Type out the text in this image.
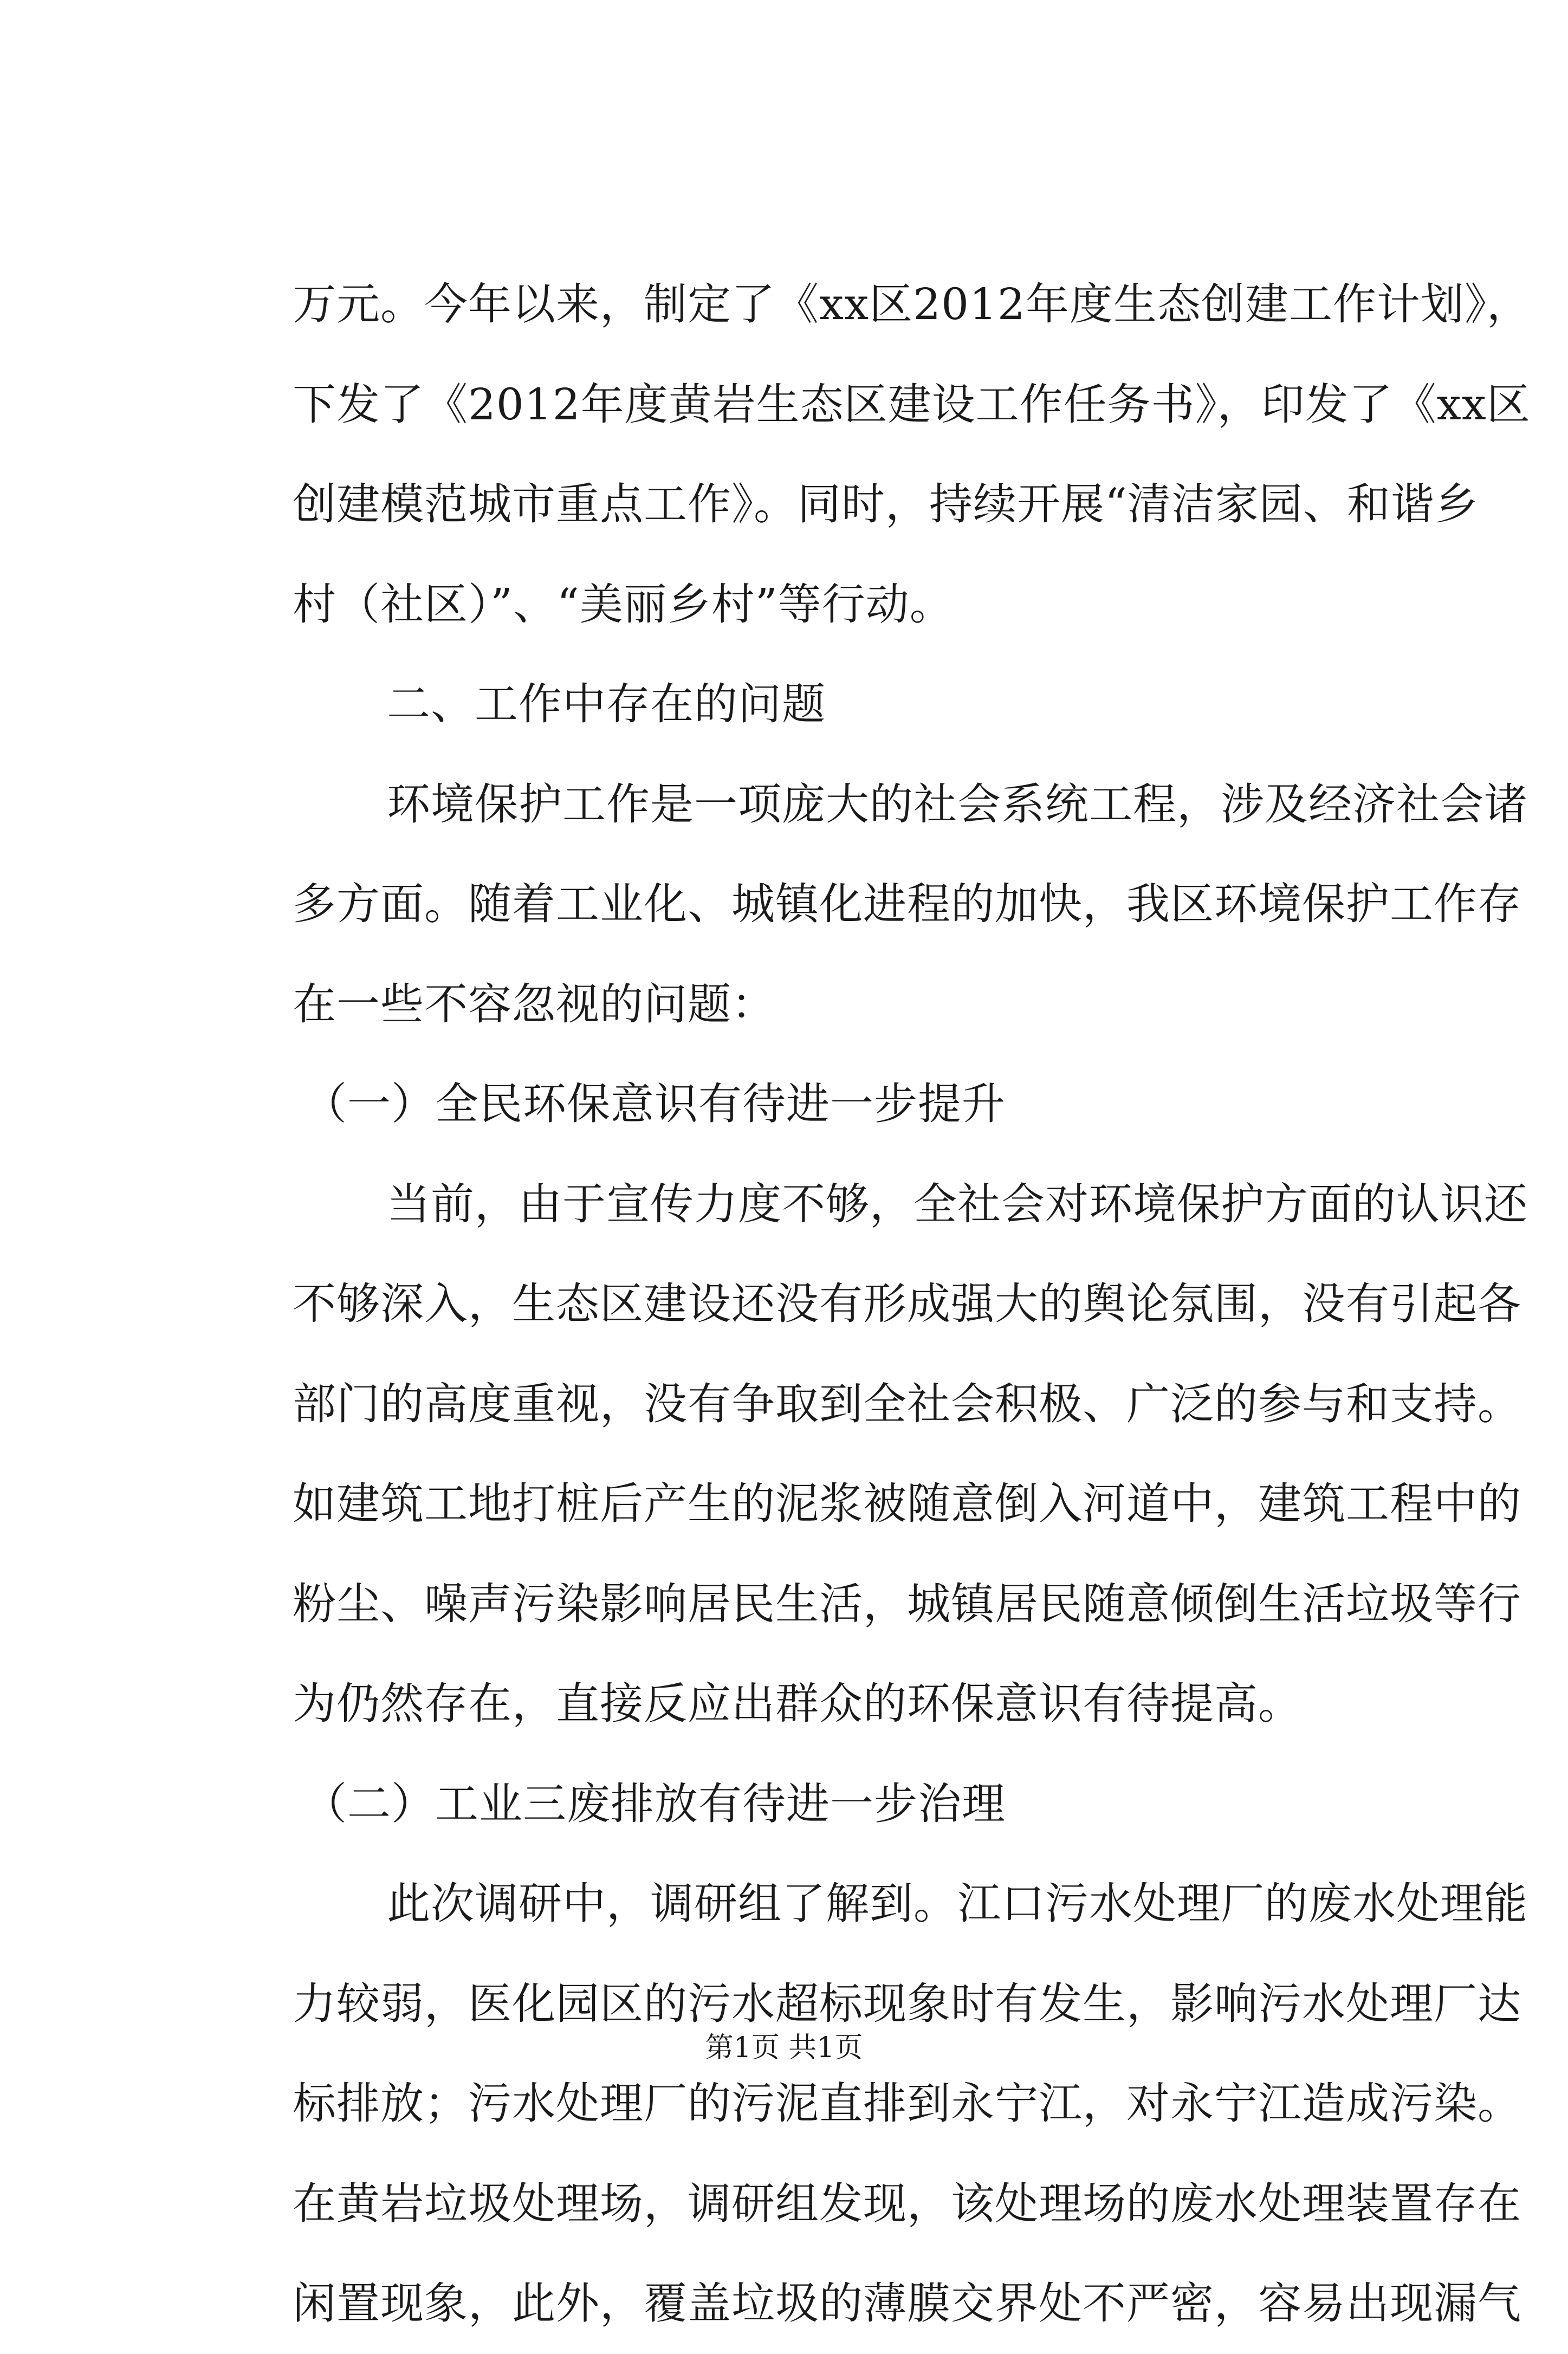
万元。今年以来，制定了《xx区2012年度生态创建工作计划》，
下发了《2012年度黄岩生态区建设工作任务书》，印发了《xx区
创建模范城市重点工作》。同时，持续开展“清洁家园、和谐乡
村（社区）”、“美丽乡村”等行动。
二、工作中存在的问题
环境保护工作是一项庞大的社会系统工程，涉及经济社会诸
多方面。随着工业化、城镇化进程的加快，我区环境保护工作存
在一些不容忽视的问题：
（一）全民环保意识有待进一步提升
当前，由于宣传力度不够，全社会对环境保护方面的认识还
不够深入，生态区建设还没有形成强大的舆论氛围，没有引起各
部门的高度重视，没有争取到全社会积极、广泛的参与和支持。
如建筑工地打桩后产生的泥浆被随意倒入河道中，建筑工程中的
粉尘、噪声污染影响居民生活，城镇居民随意倾倒生活垃圾等行
为仍然存在，直接反应出群众的环保意识有待提高。
（二）工业三废排放有待进一步治理
此次调研中，调研组了解到。江口污水处理厂的废水处理能
力较弱，医化园区的污水超标现象时有发生，影响污水处理厂达
标排放；污水处理厂的污泥直排到永宁江，对永宁江造成污染。
在黄岩垃圾处理场，调研组发现，该处理场的废水处理装置存在
闲置现象，此外，覆盖垃圾的薄膜交界处不严密，容易出现漏气
第1页 共1页
